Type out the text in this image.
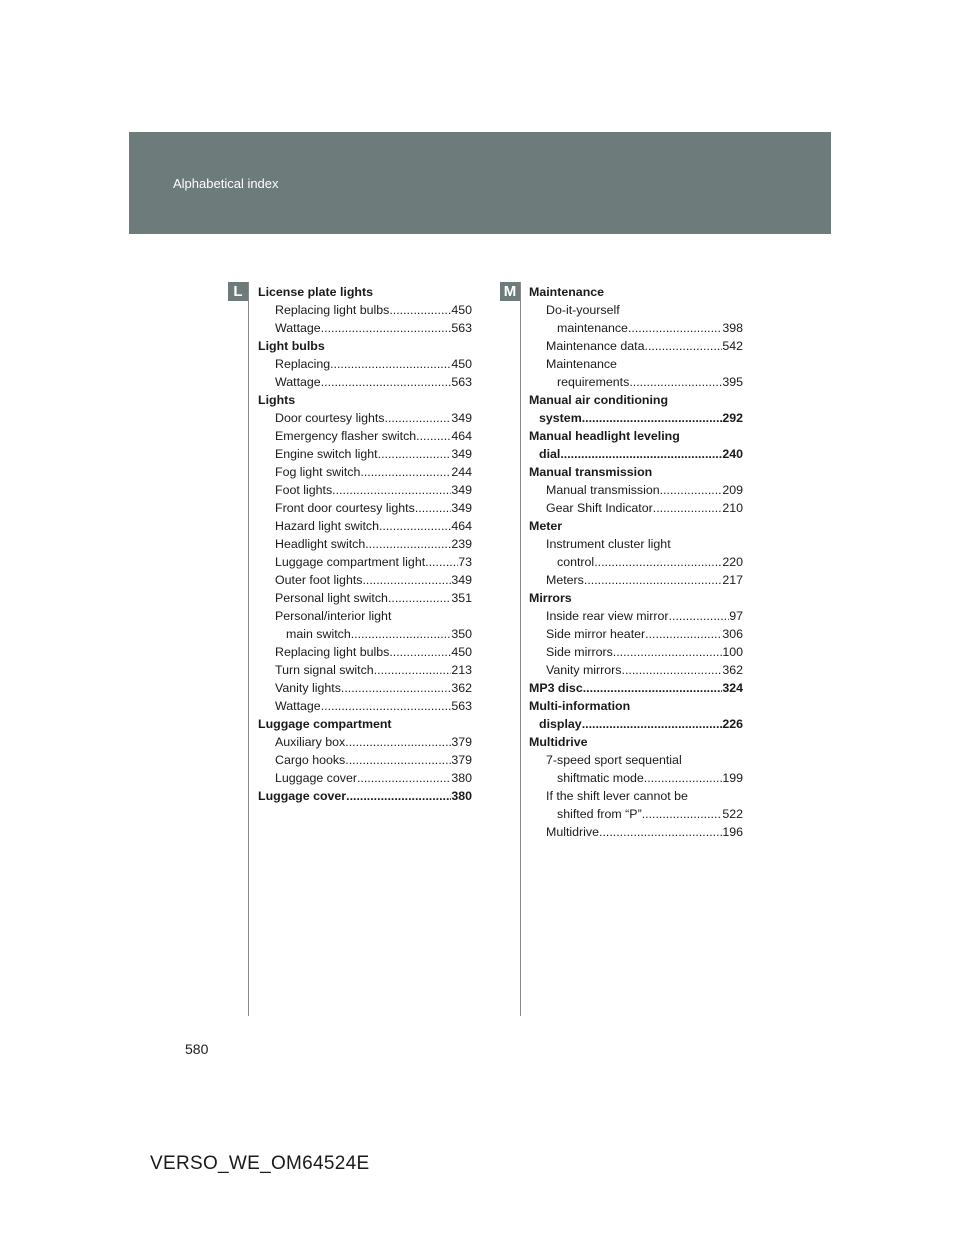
Alphabetical index
L	M
License plate lights
Replacing light bulbs .....	450
Wattage .....	563
Light bulbs
Replacing .....	450
Wattage .....	563
Lights
Door courtesy lights .....	349
Emergency flasher switch .....	464
Engine switch light .....	349
Fog light switch .....	244
Foot lights .....	349
Front door courtesy lights .....	349
Hazard light switch .....	464
Headlight switch .....	239
Luggage compartment light .....	73
Outer foot lights .....	349
Personal light switch .....	351
Personal/interior light
main switch .....	350
Replacing light bulbs .....	450
Turn signal switch .....	213
Vanity lights .....	362
Wattage .....	563
Luggage compartment
Auxiliary box .....	379
Cargo hooks .....	379
Luggage cover .....	380
Luggage cover .....	380
Maintenance
Do-it-yourself
maintenance .....	398
Maintenance data .....	542
Maintenance
requirements .....	395
Manual air conditioning
system .....	292
Manual headlight leveling
dial .....	240
Manual transmission
Manual transmission .....	209
Gear Shift Indicator .....	210
Meter
Instrument cluster light
control .....	220
Meters .....	217
Mirrors
Inside rear view mirror .....	97
Side mirror heater .....	306
Side mirrors .....	100
Vanity mirrors .....	362
MP3 disc .....	324
Multi-information
display .....	226
Multidrive
7-speed sport sequential
shiftmatic mode .....	199
If the shift lever cannot be
shifted from “P” .....	522
Multidrive .....	196
580
VERSO_WE_OM64524E
